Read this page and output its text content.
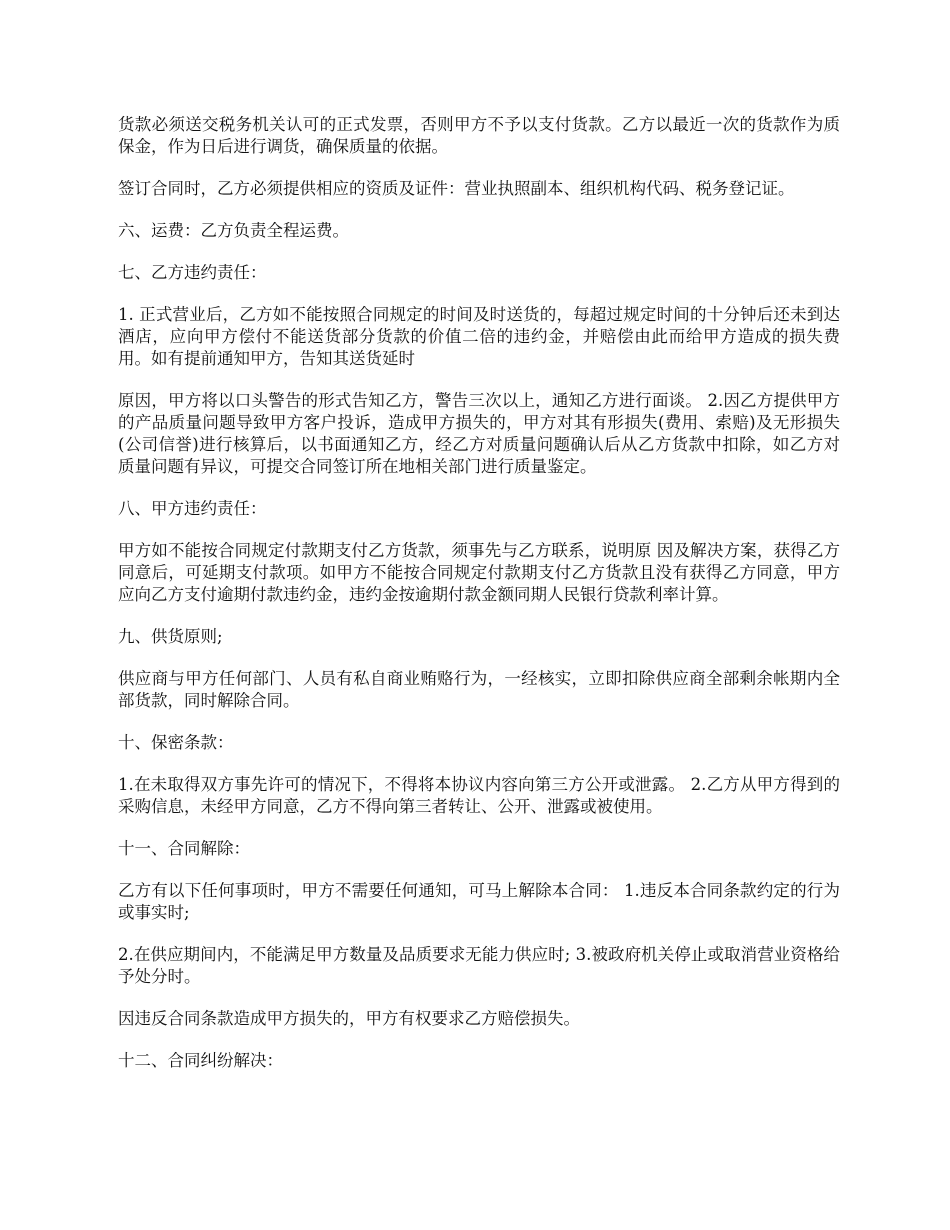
货款必须送交税务机关认可的正式发票，否则甲方不予以支付货款。乙方以最近一次的货款作为质保金，作为日后进行调货，确保质量的依据。

签订合同时，乙方必须提供相应的资质及证件：营业执照副本、组织机构代码、税务登记证。

六、运费：乙方负责全程运费。

七、乙方违约责任：

1. 正式营业后，乙方如不能按照合同规定的时间及时送货的，每超过规定时间的十分钟后还未到达酒店，应向甲方偿付不能送货部分货款的价值二倍的违约金，并赔偿由此而给甲方造成的损失费用。如有提前通知甲方，告知其送货延时

原因，甲方将以口头警告的形式告知乙方，警告三次以上，通知乙方进行面谈。 2.因乙方提供甲方的产品质量问题导致甲方客户投诉，造成甲方损失的，甲方对其有形损失(费用、索赔)及无形损失(公司信誉)进行核算后，以书面通知乙方，经乙方对质量问题确认后从乙方货款中扣除，如乙方对质量问题有异议，可提交合同签订所在地相关部门进行质量鉴定。

八、甲方违约责任：

甲方如不能按合同规定付款期支付乙方货款，须事先与乙方联系，说明原 因及解决方案，获得乙方同意后，可延期支付款项。如甲方不能按合同规定付款期支付乙方货款且没有获得乙方同意，甲方应向乙方支付逾期付款违约金，违约金按逾期付款金额同期人民银行贷款利率计算。

九、供货原则;

供应商与甲方任何部门、人员有私自商业贿赂行为，一经核实，立即扣除供应商全部剩余帐期内全部货款，同时解除合同。

十、保密条款：

1.在未取得双方事先许可的情况下，不得将本协议内容向第三方公开或泄露。 2.乙方从甲方得到的采购信息，未经甲方同意，乙方不得向第三者转让、公开、泄露或被使用。

十一、合同解除：

乙方有以下任何事项时，甲方不需要任何通知，可马上解除本合同： 1.违反本合同条款约定的行为或事实时;

2.在供应期间内，不能满足甲方数量及品质要求无能力供应时; 3.被政府机关停止或取消营业资格给予处分时。

因违反合同条款造成甲方损失的，甲方有权要求乙方赔偿损失。

十二、合同纠纷解决：
